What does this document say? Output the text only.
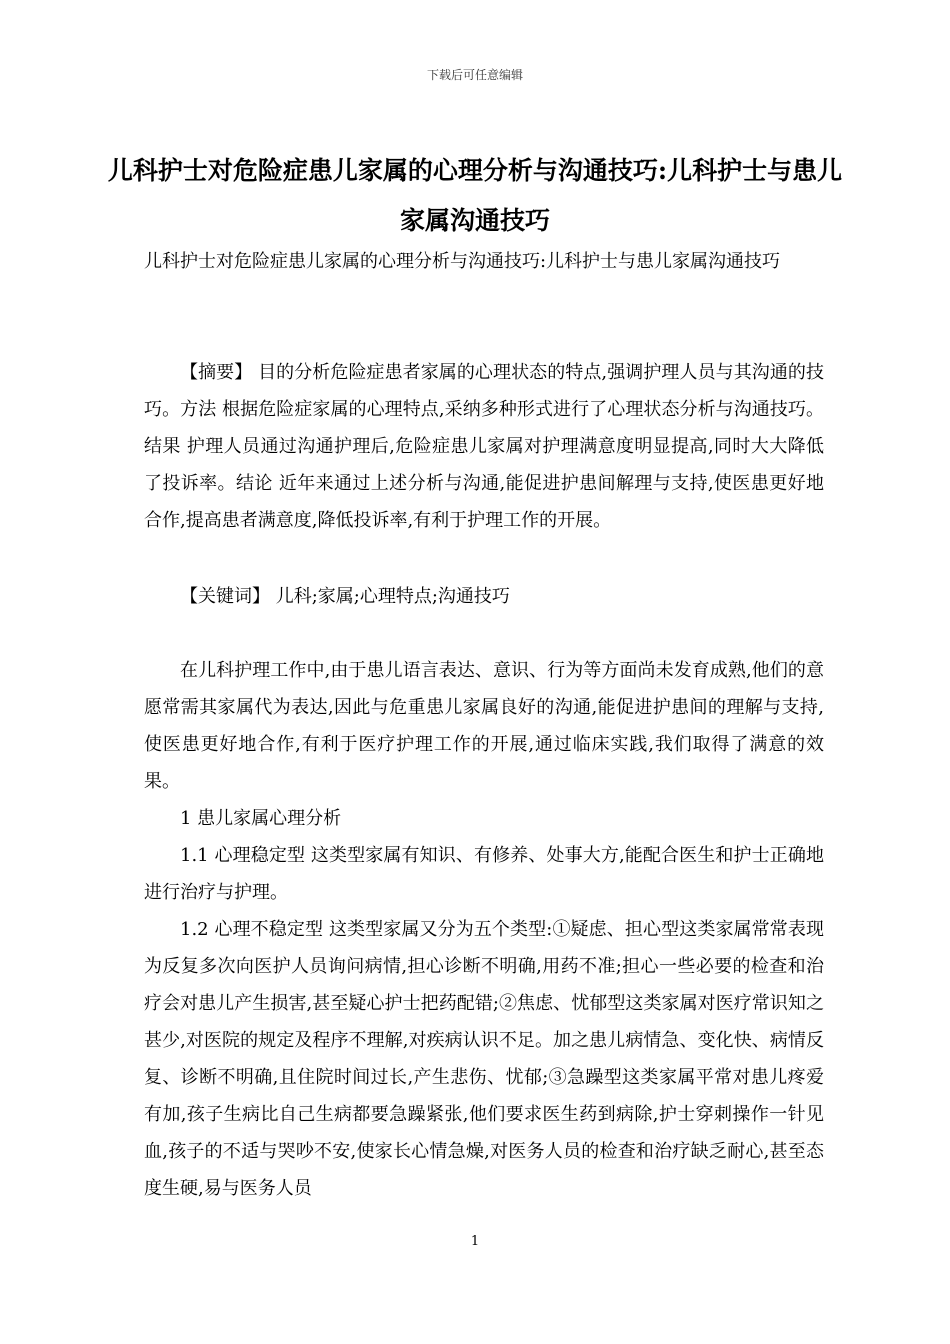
下载后可任意编辑
儿科护士对危险症患儿家属的心理分析与沟通技巧:儿科护士与患儿家属沟通技巧

儿科护士对危险症患儿家属的心理分析与沟通技巧:儿科护士与患儿家属沟通技巧

【摘要】 目的分析危险症患者家属的心理状态的特点,强调护理人员与其沟通的技巧。方法 根据危险症家属的心理特点,采纳多种形式进行了心理状态分析与沟通技巧。结果 护理人员通过沟通护理后,危险症患儿家属对护理满意度明显提高,同时大大降低了投诉率。结论 近年来通过上述分析与沟通,能促进护患间解理与支持,使医患更好地合作,提高患者满意度,降低投诉率,有利于护理工作的开展。

【关键词】 儿科;家属;心理特点;沟通技巧

在儿科护理工作中,由于患儿语言表达、意识、行为等方面尚未发育成熟,他们的意愿常需其家属代为表达,因此与危重患儿家属良好的沟通,能促进护患间的理解与支持,使医患更好地合作,有利于医疗护理工作的开展,通过临床实践,我们取得了满意的效果。

1 患儿家属心理分析

1.1 心理稳定型 这类型家属有知识、有修养、处事大方,能配合医生和护士正确地进行治疗与护理。

1.2 心理不稳定型 这类型家属又分为五个类型:①疑虑、担心型这类家属常常表现为反复多次向医护人员询问病情,担心诊断不明确,用药不准;担心一些必要的检查和治疗会对患儿产生损害,甚至疑心护士把药配错;②焦虑、忧郁型这类家属对医疗常识知之甚少,对医院的规定及程序不理解,对疾病认识不足。加之患儿病情急、变化快、病情反复、诊断不明确,且住院时间过长,产生悲伤、忧郁;③急躁型这类家属平常对患儿疼爱有加,孩子生病比自己生病都要急躁紧张,他们要求医生药到病除,护士穿刺操作一针见血,孩子的不适与哭吵不安,使家长心情急燥,对医务人员的检查和治疗缺乏耐心,甚至态度生硬,易与医务人员

1
